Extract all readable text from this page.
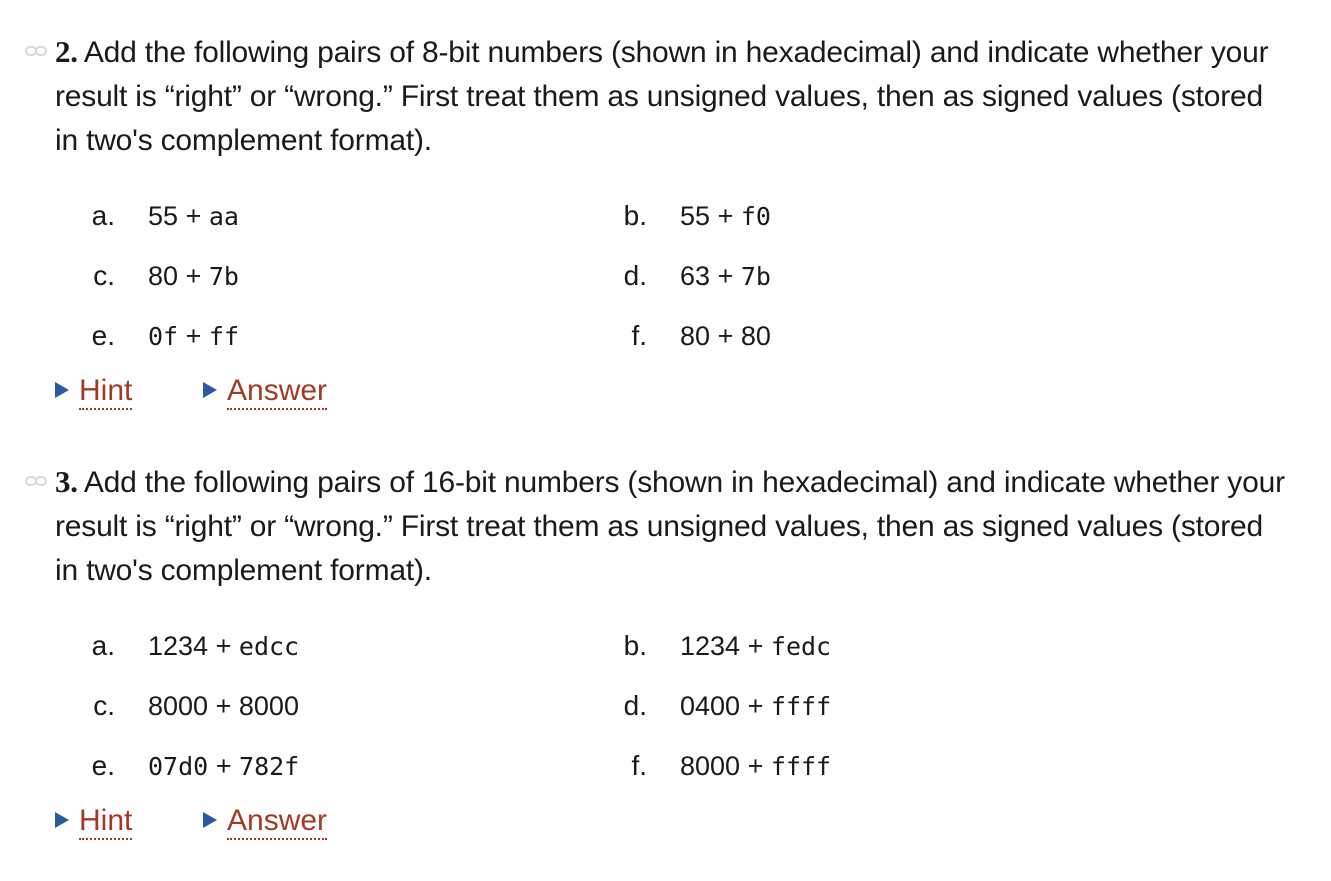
2. Add the following pairs of 8-bit numbers (shown in hexadecimal) and indicate whether your result is “right” or “wrong.” First treat them as unsigned values, then as signed values (stored in two's complement format).

a. 55 + aa	b. 55 + f0
c. 80 + 7b	d. 63 + 7b
e. 0f + ff	f. 80 + 80
Hint	Answer

3. Add the following pairs of 16-bit numbers (shown in hexadecimal) and indicate whether your result is “right” or “wrong.” First treat them as unsigned values, then as signed values (stored in two's complement format).

a. 1234 + edcc	b. 1234 + fedc
c. 8000 + 8000	d. 0400 + ffff
e. 07d0 + 782f	f. 8000 + ffff
Hint	Answer
